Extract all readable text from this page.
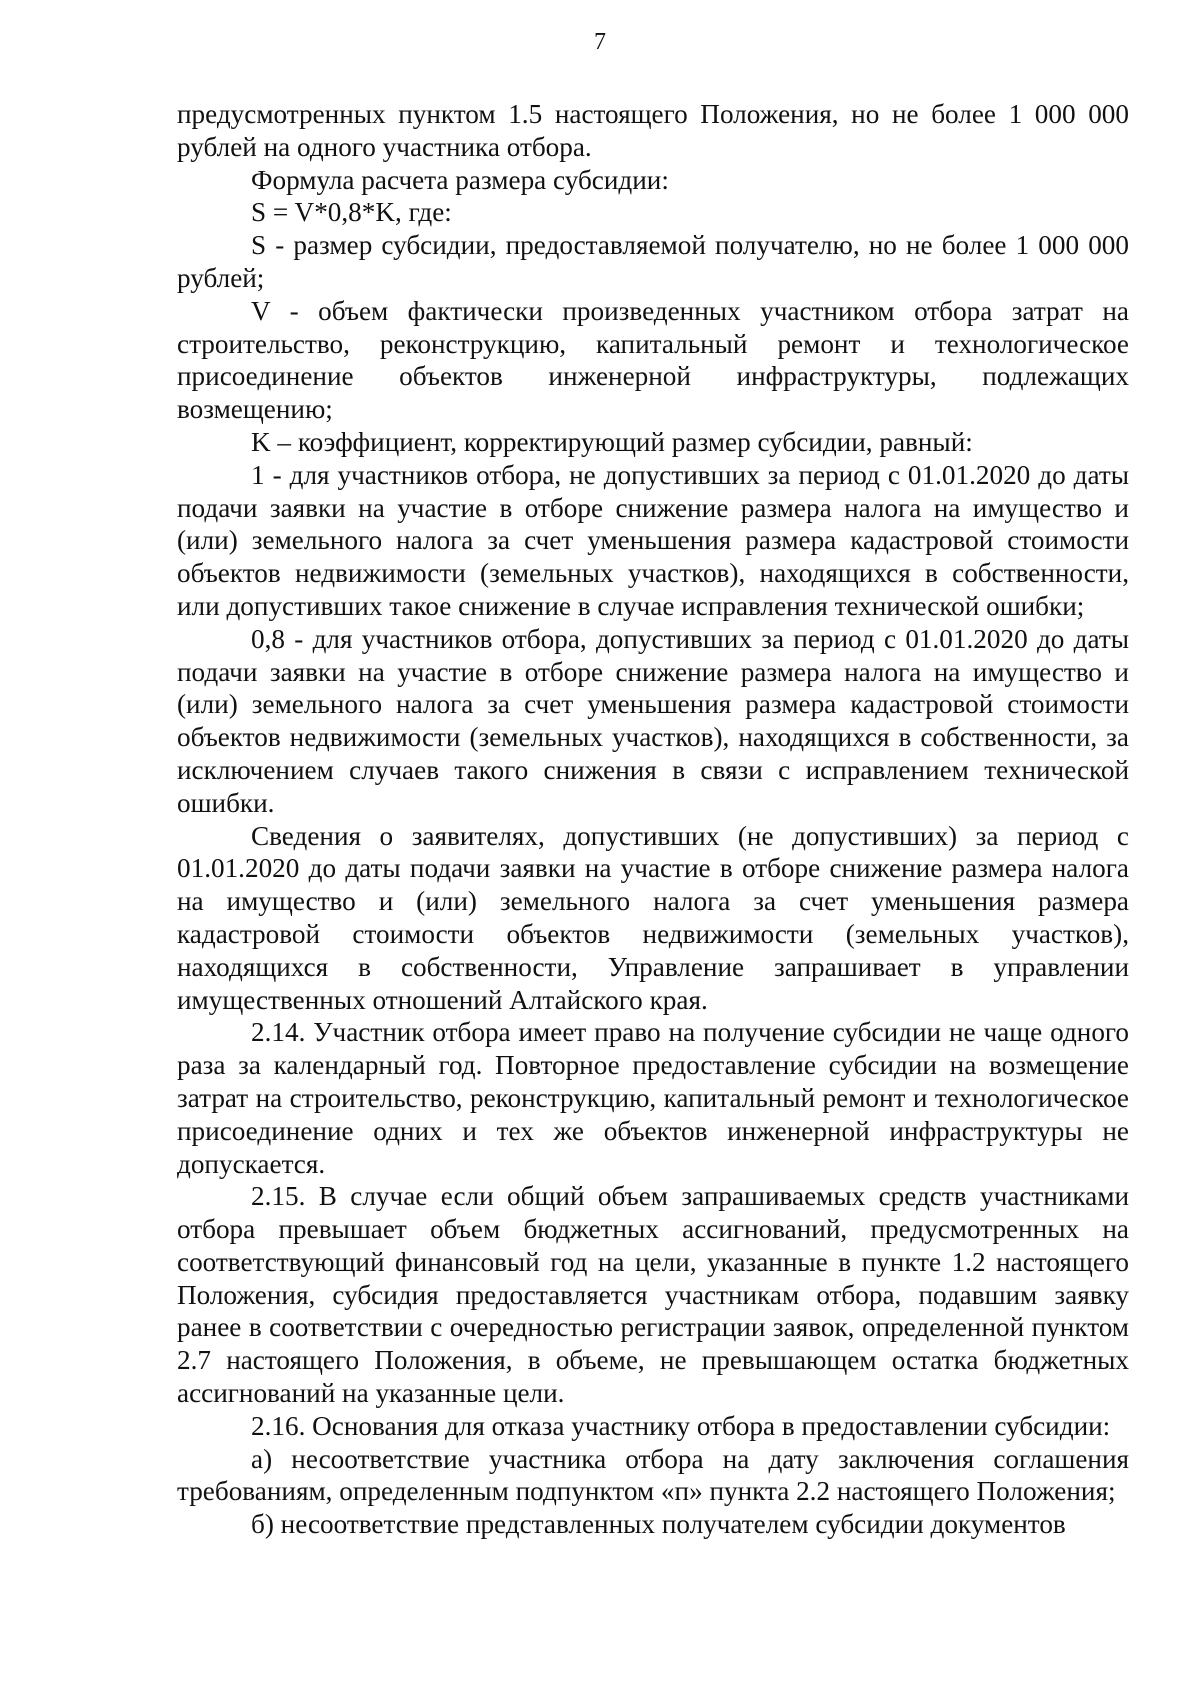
7

предусмотренных пунктом 1.5 настоящего Положения, но не более 1 000 000 рублей на одного участника отбора.

Формула расчета размера субсидии:

S = V*0,8*K, где:

S - размер субсидии, предоставляемой получателю, но не более 1 000 000 рублей;

V - объем фактически произведенных участником отбора затрат на строительство, реконструкцию, капитальный ремонт и технологическое присоединение объектов инженерной инфраструктуры, подлежащих возмещению;

K – коэффициент, корректирующий размер субсидии, равный:

1 - для участников отбора, не допустивших за период с 01.01.2020 до даты подачи заявки на участие в отборе снижение размера налога на имущество и (или) земельного налога за счет уменьшения размера кадастровой стоимости объектов недвижимости (земельных участков), находящихся в собственности, или допустивших такое снижение в случае исправления технической ошибки;

0,8 - для участников отбора, допустивших за период с 01.01.2020 до даты подачи заявки на участие в отборе снижение размера налога на имущество и (или) земельного налога за счет уменьшения размера кадастровой стоимости объектов недвижимости (земельных участков), находящихся в собственности, за исключением случаев такого снижения в связи с исправлением технической ошибки.

Сведения о заявителях, допустивших (не допустивших) за период с 01.01.2020 до даты подачи заявки на участие в отборе снижение размера налога на имущество и (или) земельного налога за счет уменьшения размера кадастровой стоимости объектов недвижимости (земельных участков), находящихся в собственности, Управление запрашивает в управлении имущественных отношений Алтайского края.

2.14. Участник отбора имеет право на получение субсидии не чаще одного раза за календарный год. Повторное предоставление субсидии на возмещение затрат на строительство, реконструкцию, капитальный ремонт и технологическое присоединение одних и тех же объектов инженерной инфраструктуры не допускается.

2.15. В случае если общий объем запрашиваемых средств участниками отбора превышает объем бюджетных ассигнований, предусмотренных на соответствующий финансовый год на цели, указанные в пункте 1.2 настоящего Положения, субсидия предоставляется участникам отбора, подавшим заявку ранее в соответствии с очередностью регистрации заявок, определенной пунктом 2.7 настоящего Положения, в объеме, не превышающем остатка бюджетных ассигнований на указанные цели.

2.16. Основания для отказа участнику отбора в предоставлении субсидии:

а) несоответствие участника отбора на дату заключения соглашения требованиям, определенным подпунктом «п» пункта 2.2 настоящего Положения;

б) несоответствие представленных получателем субсидии документов
